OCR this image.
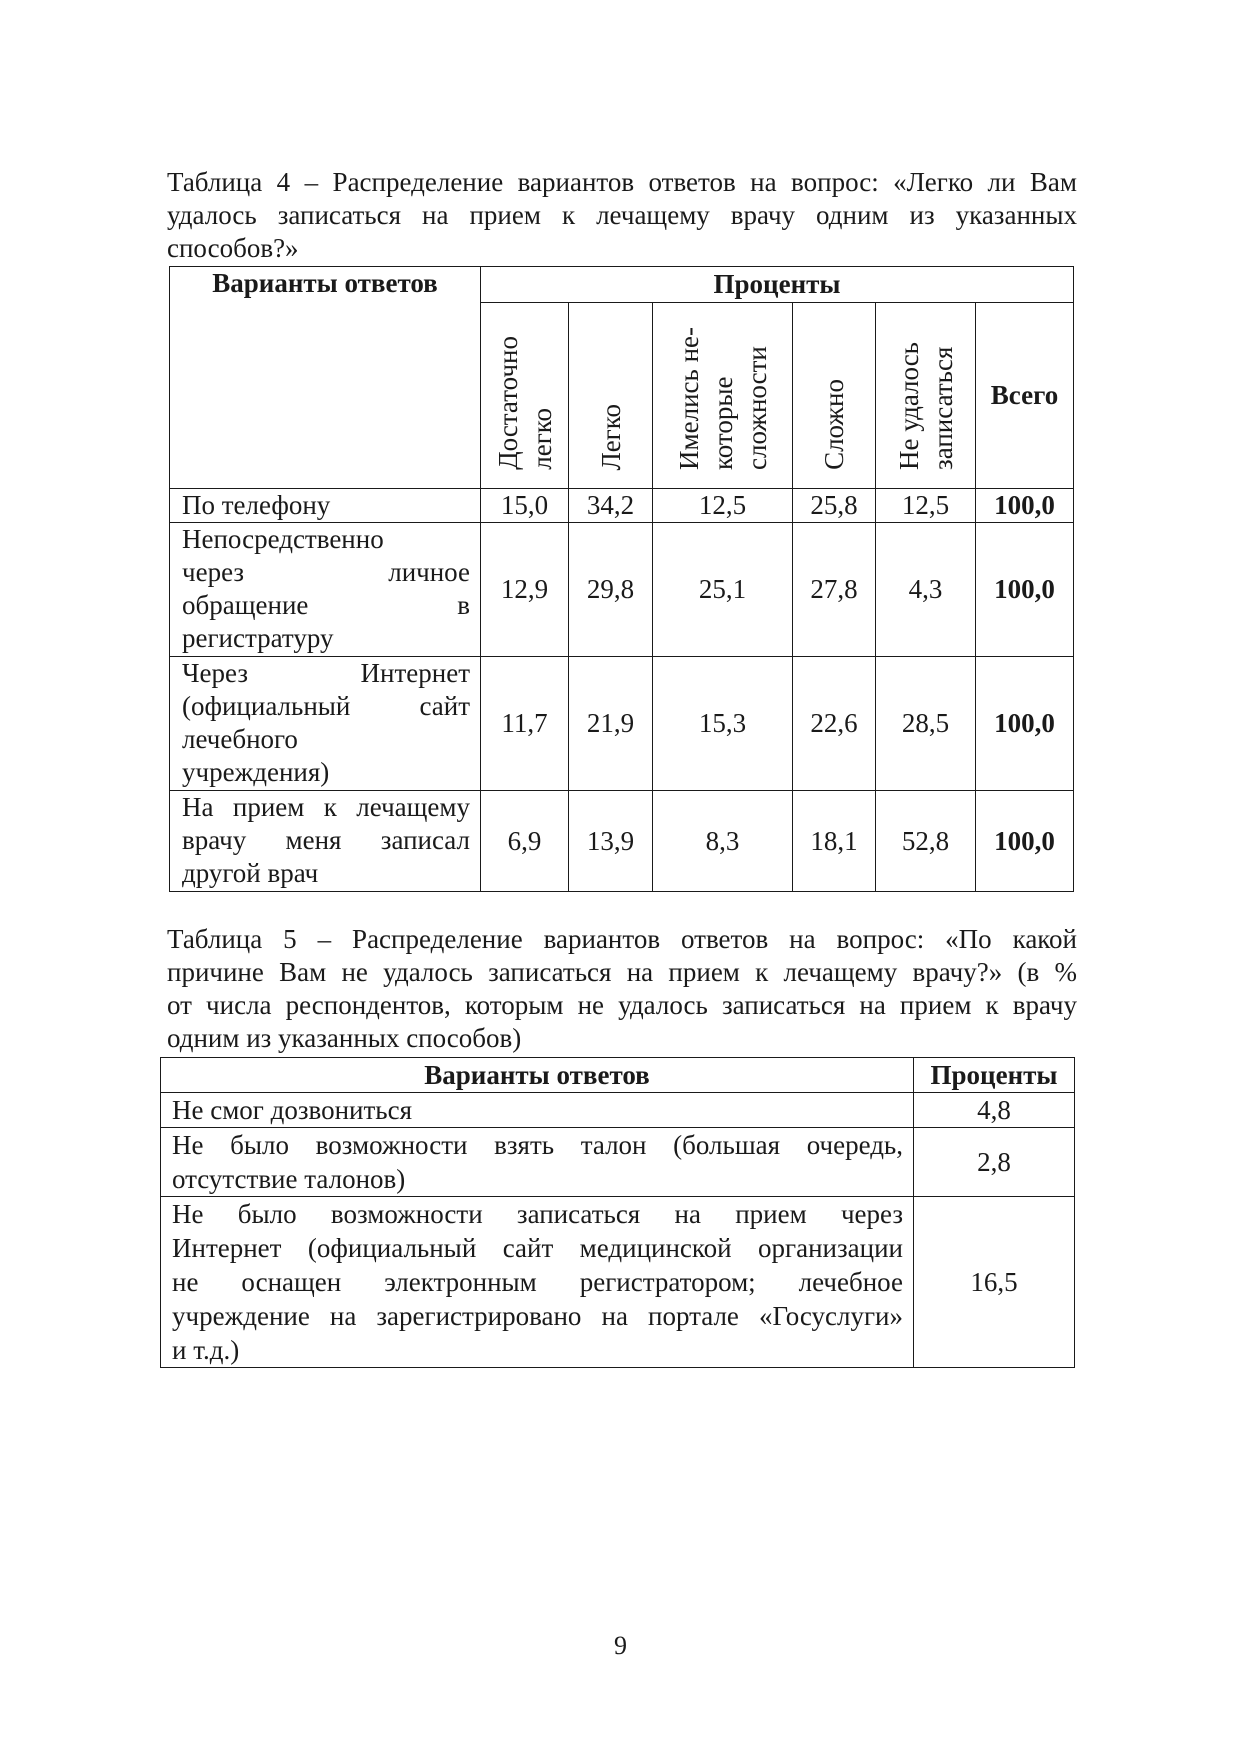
Таблица 4 – Распределение вариантов ответов на вопрос: «Легко ли Вам
удалось записаться на прием к лечащему врачу одним из указанных
способов?»
Варианты ответов	Проценты					
	Достаточно легко	Легко	Имелись не- которые сложности	Сложно	Не удалось записаться	Всего

По телефону	15,0	34,2	12,5	25,8	12,5	100,0

Непосредственно
через личное
обращение в
регистратуру	12,9	29,8	25,1	27,8	4,3	100,0

Через Интернет
(официальный сайт
лечебного
учреждения)	11,7	21,9	15,3	22,6	28,5	100,0

На прием к лечащему
врачу меня записал
другой врач	6,9	13,9	8,3	18,1	52,8	100,0
Таблица 5 – Распределение вариантов ответов на вопрос: «По какой
причине Вам не удалось записаться на прием к лечащему врачу?» (в %
от числа респондентов, которым не удалось записаться на прием к врачу
одним из указанных способов)
Варианты ответов	Проценты

Не смог дозвониться	4,8

Не было возможности взять талон (большая очередь,
отсутствие талонов)	2,8

Не было возможности записаться на прием через
Интернет (официальный сайт медицинской организации
не оснащен электронным регистратором; лечебное
учреждение на зарегистрировано на портале «Госуслуги»
и т.д.)	16,5
9
